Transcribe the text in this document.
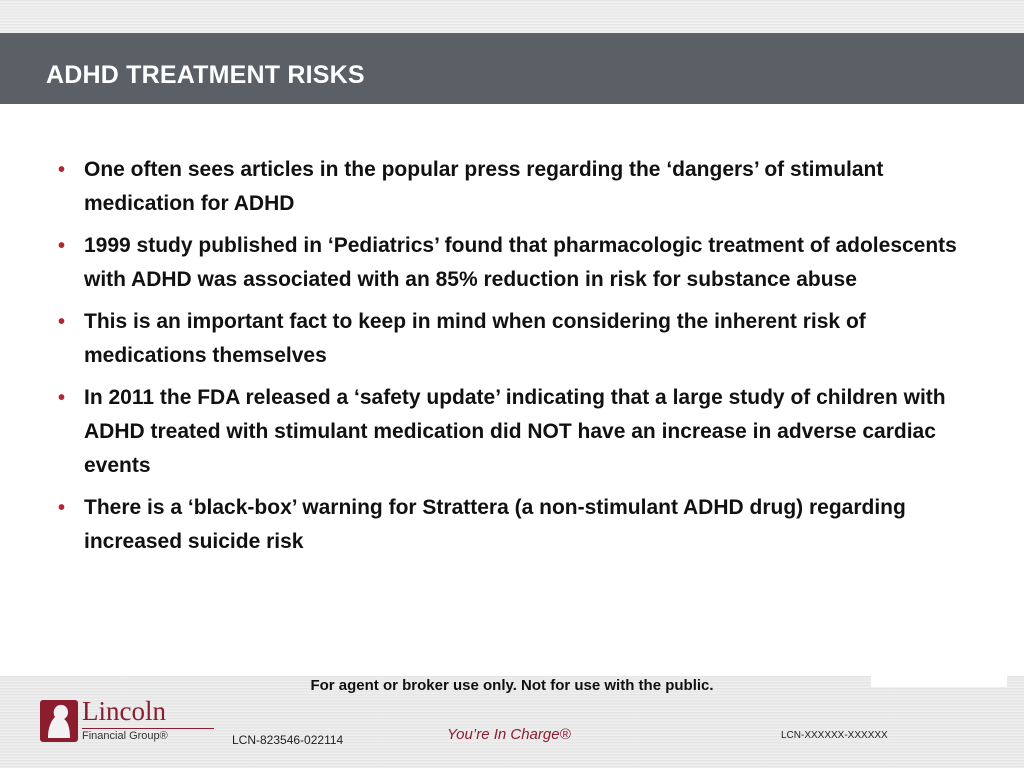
ADHD TREATMENT RISKS
• One often sees articles in the popular press regarding the ‘dangers’ of stimulant medication for ADHD
• 1999 study published in ‘Pediatrics’ found that pharmacologic treatment of adolescents with ADHD was associated with an 85% reduction in risk for substance abuse
• This is an important fact to keep in mind when considering the inherent risk of medications themselves
• In 2011 the FDA released a ‘safety update’ indicating that a large study of children with ADHD treated with stimulant medication did NOT have an increase in adverse cardiac events
• There is a ‘black-box’ warning for Strattera (a non-stimulant ADHD drug) regarding increased suicide risk
For agent or broker use only. Not for use with the public.
Lincoln
Financial Group®	LCN-823546-022114	You’re In Charge®	LCN-XXXXXX-XXXXXX
